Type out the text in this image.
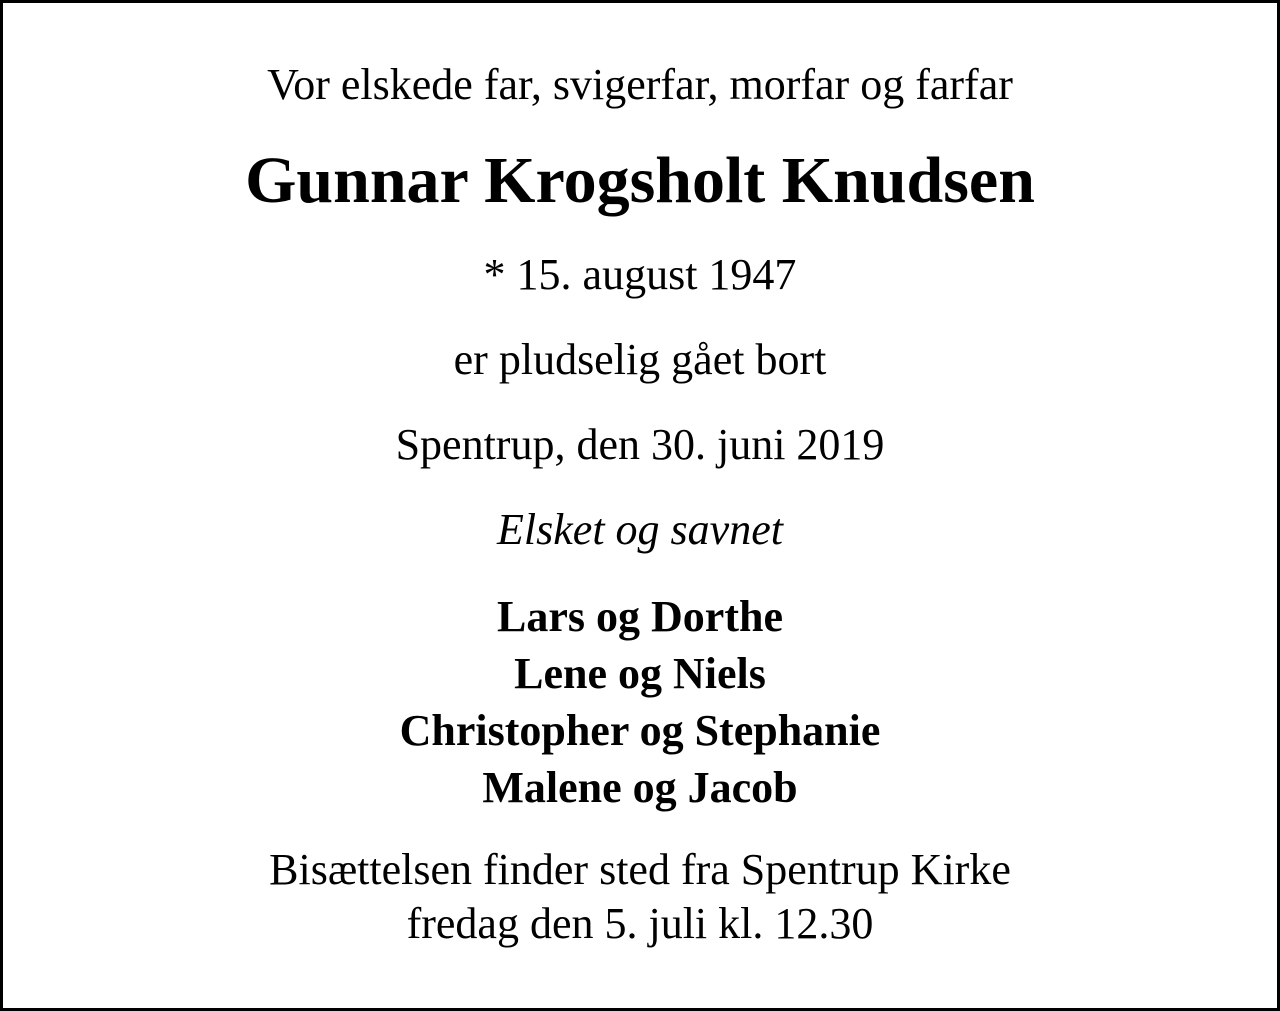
Vor elskede far, svigerfar, morfar og farfar
Gunnar Krogsholt Knudsen
* 15. august 1947
er pludselig gået bort
Spentrup, den 30. juni 2019
Elsket og savnet
Lars og Dorthe
Lene og Niels
Christopher og Stephanie
Malene og Jacob
Bisættelsen finder sted fra Spentrup Kirke
fredag den 5. juli kl. 12.30
